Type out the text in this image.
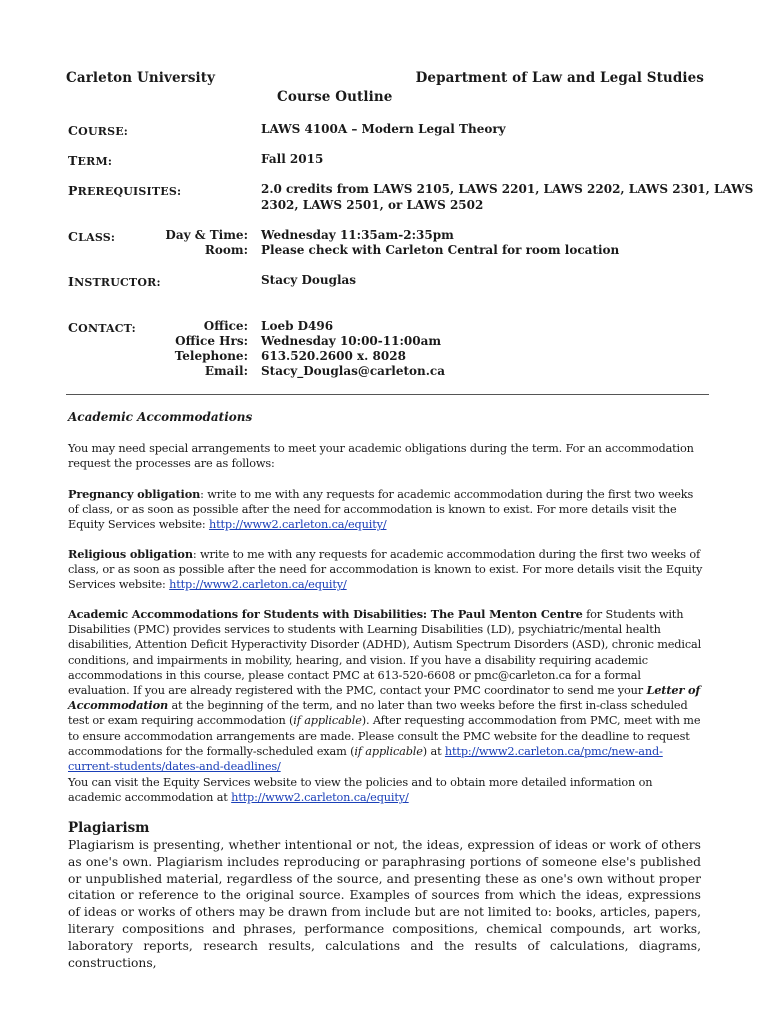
Carleton University	Department of Law and Legal Studies
Course Outline
COURSE:	LAWS 4100A – Modern Legal Theory
TERM:	Fall 2015
PREREQUISITES:	2.0 credits from LAWS 2105, LAWS 2201, LAWS 2202, LAWS 2301, LAWS
2302, LAWS 2501, or LAWS 2502
CLASS:	Day & Time: Wednesday 11:35am-2:35pm
Room: Please check with Carleton Central for room location
INSTRUCTOR:	Stacy Douglas
CONTACT:	Office: Loeb D496
Office Hrs: Wednesday 10:00-11:00am
Telephone: 613.520.2600 x. 8028
Email: Stacy_Douglas@carleton.ca
Academic Accommodations
You may need special arrangements to meet your academic obligations during the term. For an accommodation request the processes are as follows:
Pregnancy obligation: write to me with any requests for academic accommodation during the first two weeks of class, or as soon as possible after the need for accommodation is known to exist. For more details visit the Equity Services website: http://www2.carleton.ca/equity/
Religious obligation: write to me with any requests for academic accommodation during the first two weeks of class, or as soon as possible after the need for accommodation is known to exist. For more details visit the Equity Services website: http://www2.carleton.ca/equity/
Academic Accommodations for Students with Disabilities: The Paul Menton Centre for Students with Disabilities (PMC) provides services to students with Learning Disabilities (LD), psychiatric/mental health disabilities, Attention Deficit Hyperactivity Disorder (ADHD), Autism Spectrum Disorders (ASD), chronic medical conditions, and impairments in mobility, hearing, and vision. If you have a disability requiring academic accommodations in this course, please contact PMC at 613-520-6608 or pmc@carleton.ca for a formal evaluation. If you are already registered with the PMC, contact your PMC coordinator to send me your Letter of Accommodation at the beginning of the term, and no later than two weeks before the first in-class scheduled test or exam requiring accommodation (if applicable). After requesting accommodation from PMC, meet with me to ensure accommodation arrangements are made. Please consult the PMC website for the deadline to request accommodations for the formally-scheduled exam (if applicable) at http://www2.carleton.ca/pmc/new-and-current-students/dates-and-deadlines/
You can visit the Equity Services website to view the policies and to obtain more detailed information on academic accommodation at http://www2.carleton.ca/equity/
Plagiarism
Plagiarism is presenting, whether intentional or not, the ideas, expression of ideas or work of others as one's own. Plagiarism includes reproducing or paraphrasing portions of someone else's published or unpublished material, regardless of the source, and presenting these as one's own without proper citation or reference to the original source. Examples of sources from which the ideas, expressions of ideas or works of others may be drawn from include but are not limited to: books, articles, papers, literary compositions and phrases, performance compositions, chemical compounds, art works, laboratory reports, research results, calculations and the results of calculations, diagrams, constructions,
